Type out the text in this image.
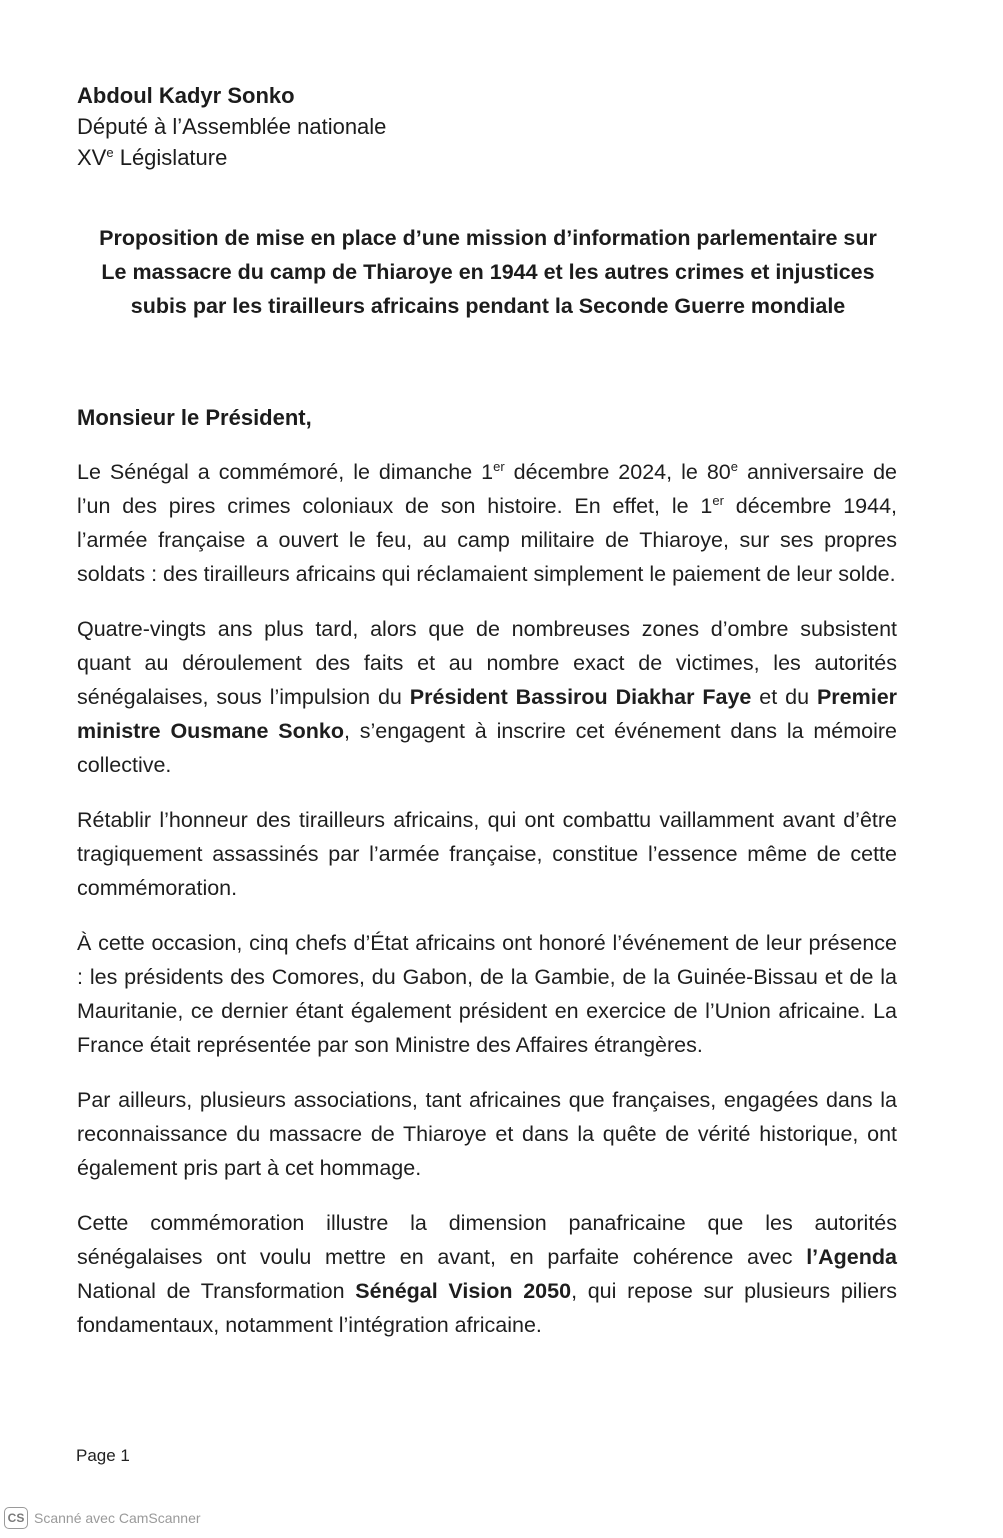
Abdoul Kadyr Sonko
Député à l’Assemblée nationale
XVe Législature
Proposition de mise en place d’une mission d’information parlementaire sur
Le massacre du camp de Thiaroye en 1944 et les autres crimes et injustices
subis par les tirailleurs africains pendant la Seconde Guerre mondiale
Monsieur le Président,

Le Sénégal a commémoré, le dimanche 1er décembre 2024, le 80e anniversaire de l’un des pires crimes coloniaux de son histoire. En effet, le 1er décembre 1944, l’armée française a ouvert le feu, au camp militaire de Thiaroye, sur ses propres soldats : des tirailleurs africains qui réclamaient simplement le paiement de leur solde.

Quatre-vingts ans plus tard, alors que de nombreuses zones d’ombre subsistent quant au déroulement des faits et au nombre exact de victimes, les autorités sénégalaises, sous l’impulsion du Président Bassirou Diakhar Faye et du Premier ministre Ousmane Sonko, s’engagent à inscrire cet événement dans la mémoire collective.

Rétablir l’honneur des tirailleurs africains, qui ont combattu vaillamment avant d’être tragiquement assassinés par l’armée française, constitue l’essence même de cette commémoration.

À cette occasion, cinq chefs d’État africains ont honoré l’événement de leur présence : les présidents des Comores, du Gabon, de la Gambie, de la Guinée-Bissau et de la Mauritanie, ce dernier étant également président en exercice de l’Union africaine. La France était représentée par son Ministre des Affaires étrangères.

Par ailleurs, plusieurs associations, tant africaines que françaises, engagées dans la reconnaissance du massacre de Thiaroye et dans la quête de vérité historique, ont également pris part à cet hommage.

Cette commémoration illustre la dimension panafricaine que les autorités sénégalaises ont voulu mettre en avant, en parfaite cohérence avec l’Agenda National de Transformation Sénégal Vision 2050, qui repose sur plusieurs piliers fondamentaux, notamment l’intégration africaine.

Page 1
CS Scanné avec CamScanner
